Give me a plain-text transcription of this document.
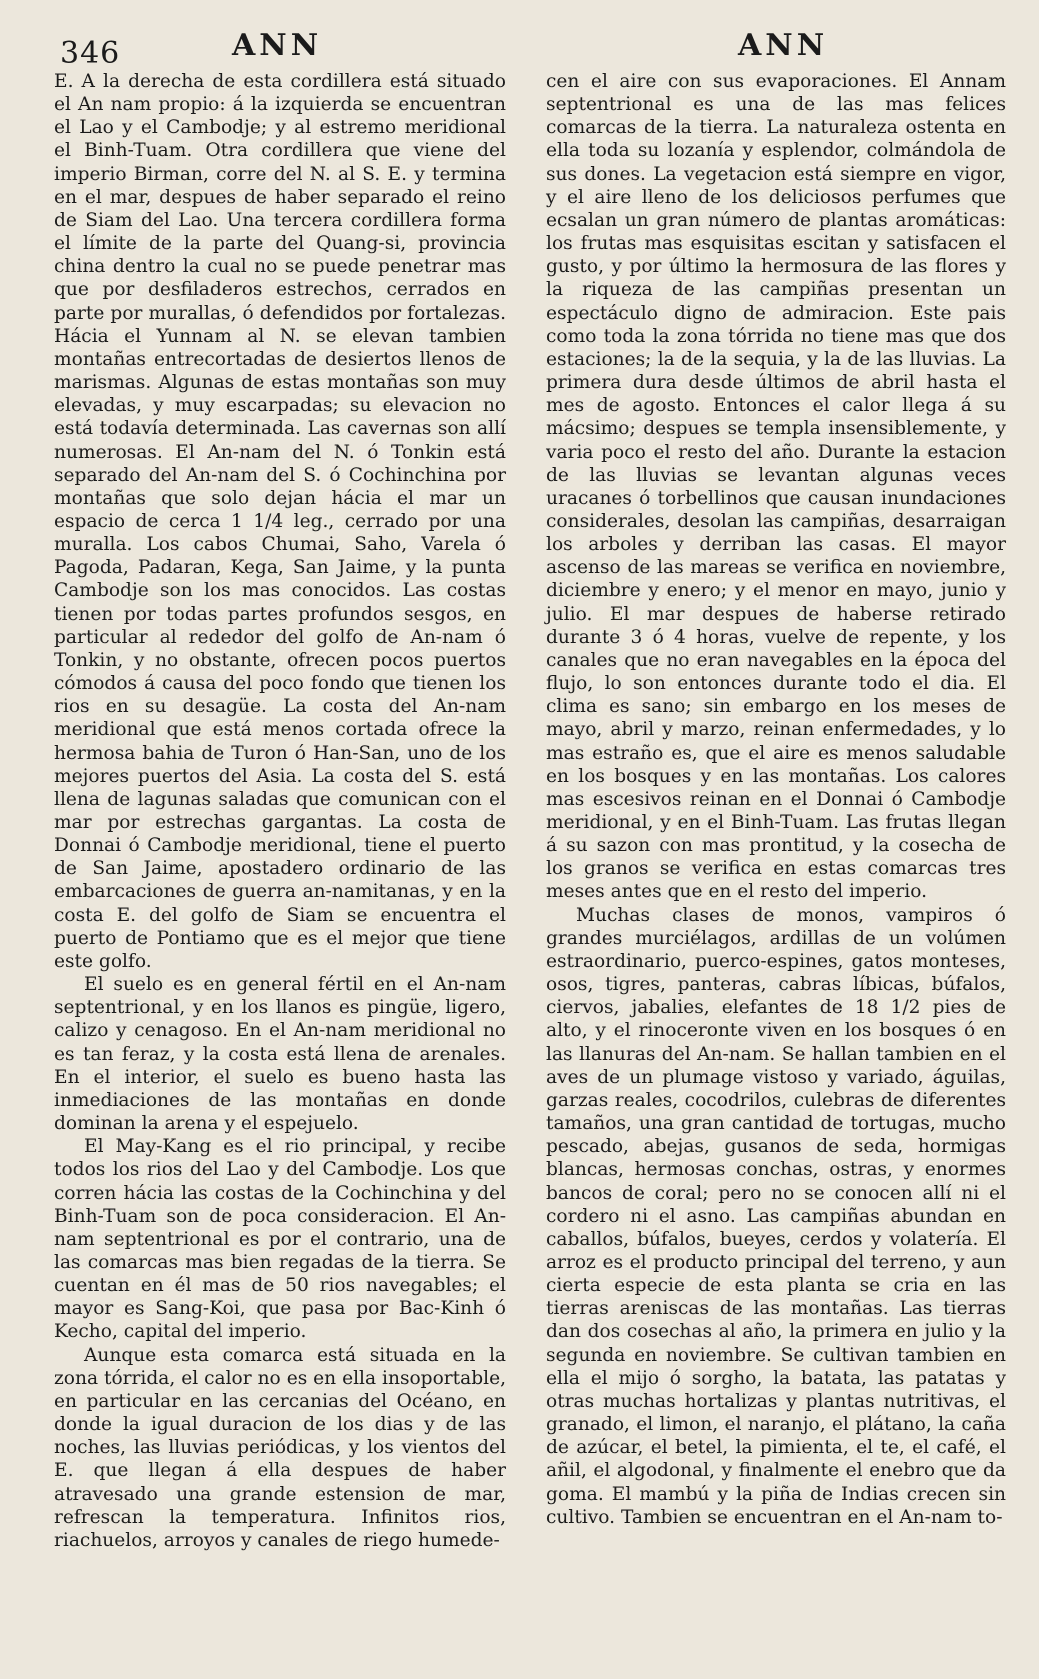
346	ANN	ANN

E. A la derecha de esta cordillera está situado el An nam propio: á la izquierda se encuentran el Lao y el Cambodje; y al estremo meridional el Binh-Tuam. Otra cordillera que viene del imperio Birman, corre del N. al S. E. y termina en el mar, despues de haber separado el reino de Siam del Lao. Una tercera cordillera forma el límite de la parte del Quang-si, provincia china dentro la cual no se puede penetrar mas que por desfiladeros estrechos, cerrados en parte por murallas, ó defendidos por fortalezas. Hácia el Yunnam al N. se elevan tambien montañas entrecortadas de desiertos llenos de marismas. Algunas de estas montañas son muy elevadas, y muy escarpadas; su elevacion no está todavía determinada. Las cavernas son allí numerosas. El An-nam del N. ó Tonkin está separado del An-nam del S. ó Cochinchina por montañas que solo dejan hácia el mar un espacio de cerca 1 1/4 leg., cerrado por una muralla. Los cabos Chumai, Saho, Varela ó Pagoda, Padaran, Kega, San Jaime, y la punta Cambodje son los mas conocidos. Las costas tienen por todas partes profundos sesgos, en particular al rededor del golfo de An-nam ó Tonkin, y no obstante, ofrecen pocos puertos cómodos á causa del poco fondo que tienen los rios en su desagüe. La costa del An-nam meridional que está menos cortada ofrece la hermosa bahia de Turon ó Han-San, uno de los mejores puertos del Asia. La costa del S. está llena de lagunas saladas que comunican con el mar por estrechas gargantas. La costa de Donnai ó Cambodje meridional, tiene el puerto de San Jaime, apostadero ordinario de las embarcaciones de guerra an-namitanas, y en la costa E. del golfo de Siam se encuentra el puerto de Pontiamo que es el mejor que tiene este golfo.

El suelo es en general fértil en el An-nam septentrional, y en los llanos es pingüe, ligero, calizo y cenagoso. En el An-nam meridional no es tan feraz, y la costa está llena de arenales. En el interior, el suelo es bueno hasta las inmediaciones de las montañas en donde dominan la arena y el espejuelo.

El May-Kang es el rio principal, y recibe todos los rios del Lao y del Cambodje. Los que corren hácia las costas de la Cochinchina y del Binh-Tuam son de poca consideracion. El An-nam septentrional es por el contrario, una de las comarcas mas bien regadas de la tierra. Se cuentan en él mas de 50 rios navegables; el mayor es Sang-Koi, que pasa por Bac-Kinh ó Kecho, capital del imperio.

Aunque esta comarca está situada en la zona tórrida, el calor no es en ella insoportable, en particular en las cercanias del Océano, en donde la igual duracion de los dias y de las noches, las lluvias periódicas, y los vientos del E. que llegan á ella despues de haber atravesado una grande estension de mar, refrescan la temperatura. Infinitos rios, riachuelos, arroyos y canales de riego humede-

cen el aire con sus evaporaciones. El Annam septentrional es una de las mas felices comarcas de la tierra. La naturaleza ostenta en ella toda su lozanía y esplendor, colmándola de sus dones. La vegetacion está siempre en vigor, y el aire lleno de los deliciosos perfumes que ecsalan un gran número de plantas aromáticas: los frutas mas esquisitas escitan y satisfacen el gusto, y por último la hermosura de las flores y la riqueza de las campiñas presentan un espectáculo digno de admiracion. Este pais como toda la zona tórrida no tiene mas que dos estaciones; la de la sequia, y la de las lluvias. La primera dura desde últimos de abril hasta el mes de agosto. Entonces el calor llega á su mácsimo; despues se templa insensiblemente, y varia poco el resto del año. Durante la estacion de las lluvias se levantan algunas veces uracanes ó torbellinos que causan inundaciones considerales, desolan las campiñas, desarraigan los arboles y derriban las casas. El mayor ascenso de las mareas se verifica en noviembre, diciembre y enero; y el menor en mayo, junio y julio. El mar despues de haberse retirado durante 3 ó 4 horas, vuelve de repente, y los canales que no eran navegables en la época del flujo, lo son entonces durante todo el dia. El clima es sano; sin embargo en los meses de mayo, abril y marzo, reinan enfermedades, y lo mas estraño es, que el aire es menos saludable en los bosques y en las montañas. Los calores mas escesivos reinan en el Donnai ó Cambodje meridional, y en el Binh-Tuam. Las frutas llegan á su sazon con mas prontitud, y la cosecha de los granos se verifica en estas comarcas tres meses antes que en el resto del imperio.

Muchas clases de monos, vampiros ó grandes murciélagos, ardillas de un volúmen estraordinario, puerco-espines, gatos monteses, osos, tigres, panteras, cabras líbicas, búfalos, ciervos, jabalies, elefantes de 18 1/2 pies de alto, y el rinoceronte viven en los bosques ó en las llanuras del An-nam. Se hallan tambien en el aves de un plumage vistoso y variado, águilas, garzas reales, cocodrilos, culebras de diferentes tamaños, una gran cantidad de tortugas, mucho pescado, abejas, gusanos de seda, hormigas blancas, hermosas conchas, ostras, y enormes bancos de coral; pero no se conocen allí ni el cordero ni el asno. Las campiñas abundan en caballos, búfalos, bueyes, cerdos y volatería. El arroz es el producto principal del terreno, y aun cierta especie de esta planta se cria en las tierras areniscas de las montañas. Las tierras dan dos cosechas al año, la primera en julio y la segunda en noviembre. Se cultivan tambien en ella el mijo ó sorgho, la batata, las patatas y otras muchas hortalizas y plantas nutritivas, el granado, el limon, el naranjo, el plátano, la caña de azúcar, el betel, la pimienta, el te, el café, el añil, el algodonal, y finalmente el enebro que da goma. El mambú y la piña de Indias crecen sin cultivo. Tambien se encuentran en el An-nam to-
